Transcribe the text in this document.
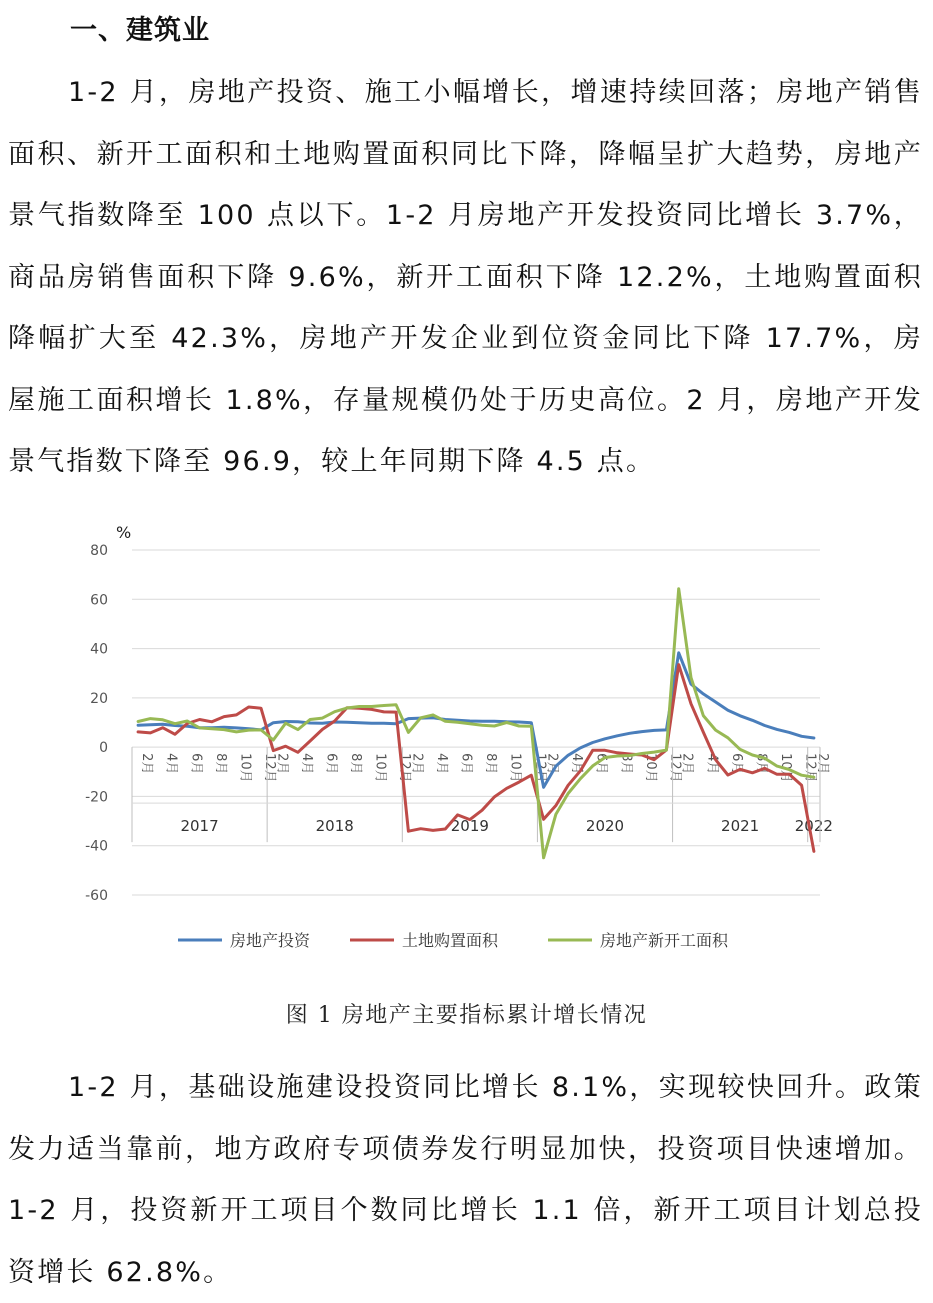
一、建筑业

1-2 月，房地产投资、施工小幅增长，增速持续回落；房地产销售面积、新开工面积和土地购置面积同比下降，降幅呈扩大趋势，房地产景气指数降至 100 点以下。1-2 月房地产开发投资同比增长 3.7%，商品房销售面积下降 9.6%，新开工面积下降 12.2%，土地购置面积降幅扩大至 42.3%，房地产开发企业到位资金同比下降 17.7%，房屋施工面积增长 1.8%，存量规模仍处于历史高位。2 月，房地产开发景气指数下降至 96.9，较上年同期下降 4.5 点。

%
80
60
40
20
0
-20
-40
-60
2月 4月 6月 8月 10月 12月
2月 4月 6月 8月 10月 12月
2月 4月 6月 8月 10月 12月
2月 4月 6月 8月 10月 12月
2月 4月 6月 8月 10月 12月
2月
2017	2018	2019	2020	2021 2022
房地产投资	土地购置面积	房地产新开工面积
图 1 房地产主要指标累计增长情况

1-2 月，基础设施建设投资同比增长 8.1%，实现较快回升。政策发力适当靠前，地方政府专项债券发行明显加快，投资项目快速增加。1-2 月，投资新开工项目个数同比增长 1.1 倍，新开工项目计划总投资增长 62.8%。
